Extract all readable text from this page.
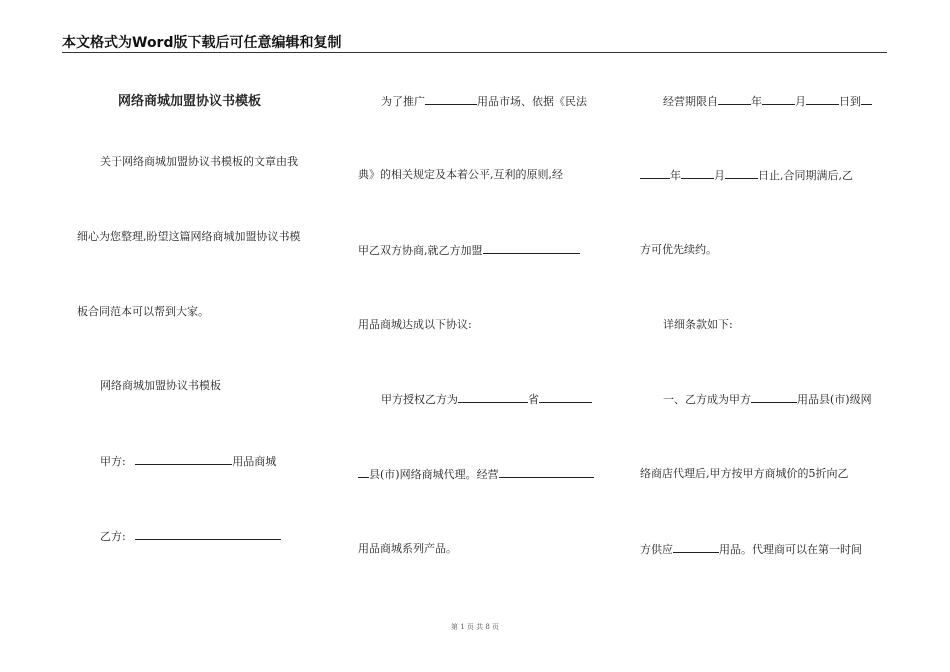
本文格式为Word版下载后可任意编辑和复制
网络商城加盟协议书模板
关于网络商城加盟协议书模板的文章由我
细心为您整理,盼望这篇网络商城加盟协议书模
板合同范本可以帮到大家。
网络商城加盟协议书模板
甲方:	用品商城
乙方:
为了推广	用品市场、依据《民法
典》的相关规定及本着公平,互利的原则,经
甲乙双方协商,就乙方加盟
用品商城达成以下协议:
甲方授权乙方为	省
县(市)网络商城代理。经营
用品商城系列产品。
经营期限自	年	月	日到
年	月	日止,合同期满后,乙
方可优先续约。
详细条款如下:
一、乙方成为甲方	用品县(市)级网
络商店代理后,甲方按甲方商城价的5折向乙
方供应	用品。代理商可以在第一时间
第 1 页 共 8 页
